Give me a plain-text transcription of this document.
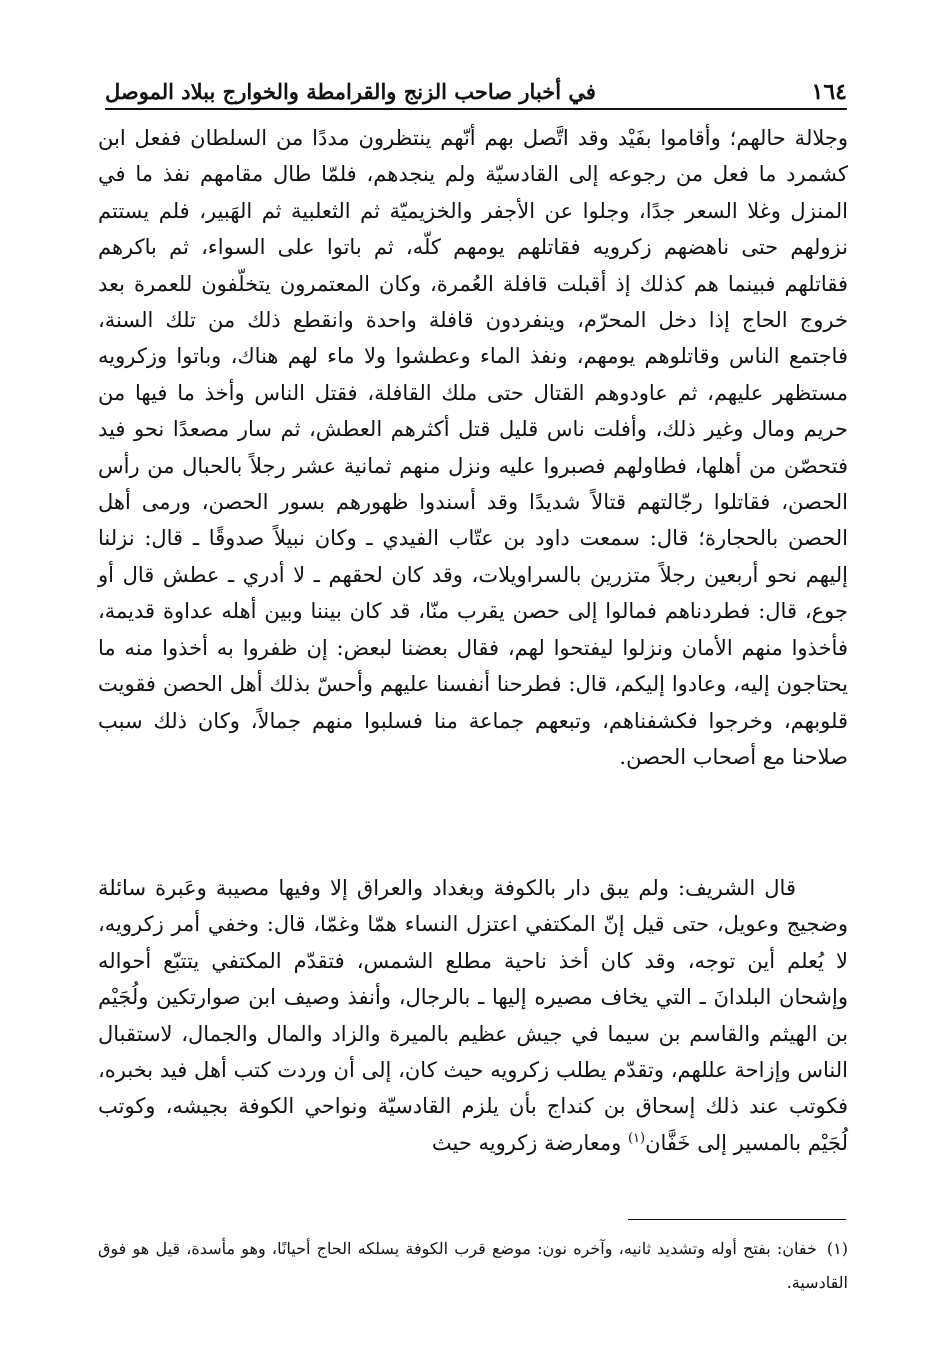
١٦٤
في أخبار صاحب الزنج والقرامطة والخوارج ببلاد الموصل

وجلالة حالهم؛ وأقاموا بفَيْد وقد اتَّصل بهم أنّهم ينتظرون مددًا من السلطان ففعل ابن كشمرد ما فعل من رجوعه إلى القادسيّة ولم ينجدهم، فلمّا طال مقامهم نفذ ما في المنزل وغلا السعر جدًا، وجلوا عن الأجفر والخزيميّة ثم الثعلبية ثم الهَبير، فلم يستتم نزولهم حتى ناهضهم زكرويه فقاتلهم يومهم كلّه، ثم باتوا على السواء، ثم باكرهم فقاتلهم فبينما هم كذلك إذ أقبلت قافلة العُمرة، وكان المعتمرون يتخلّفون للعمرة بعد خروج الحاج إذا دخل المحرّم، وينفردون قافلة واحدة وانقطع ذلك من تلك السنة، فاجتمع الناس وقاتلوهم يومهم، ونفذ الماء وعطشوا ولا ماء لهم هناك، وباتوا وزكرويه مستظهر عليهم، ثم عاودوهم القتال حتى ملك القافلة، فقتل الناس وأخذ ما فيها من حريم ومال وغير ذلك، وأفلت ناس قليل قتل أكثرهم العطش، ثم سار مصعدًا نحو فيد فتحصّن من أهلها، فطاولهم فصبروا عليه ونزل منهم ثمانية عشر رجلاً بالحبال من رأس الحصن، فقاتلوا رجّالتهم قتالاً شديدًا وقد أسندوا ظهورهم بسور الحصن، ورمى أهل الحصن بالحجارة؛ قال: سمعت داود بن عتّاب الفيدي ـ وكان نبيلاً صدوقًا ـ قال: نزلنا إليهم نحو أربعين رجلاً متزرين بالسراويلات، وقد كان لحقهم ـ لا أدري ـ عطش قال أو جوع، قال: فطردناهم فمالوا إلى حصن يقرب منّا، قد كان بيننا وبين أهله عداوة قديمة، فأخذوا منهم الأمان ونزلوا ليفتحوا لهم، فقال بعضنا لبعض: إن ظفروا به أخذوا منه ما يحتاجون إليه، وعادوا إليكم، قال: فطرحنا أنفسنا عليهم وأحسّ بذلك أهل الحصن فقويت قلوبهم، وخرجوا فكشفناهم، وتبعهم جماعة منا فسلبوا منهم جمالاً، وكان ذلك سبب صلاحنا مع أصحاب الحصن.

قال الشريف: ولم يبق دار بالكوفة وبغداد والعراق إلا وفيها مصيبة وعَبرة سائلة وضجيج وعويل، حتى قيل إنّ المكتفي اعتزل النساء همّا وغمّا، قال: وخفي أمر زكرويه، لا يُعلم أين توجه، وقد كان أخذ ناحية مطلع الشمس، فتقدّم المكتفي يتتبّع أحواله وإشحان البلدانَ ـ التي يخاف مصيره إليها ـ بالرجال، وأنفذ وصيف ابن صوارتكين ولُجَيْم بن الهيثم والقاسم بن سيما في جيش عظيم بالميرة والزاد والمال والجمال، لاستقبال الناس وإزاحة عللهم، وتقدّم يطلب زكرويه حيث كان، إلى أن وردت كتب أهل فيد بخبره، فكوتب عند ذلك إسحاق بن كنداج بأن يلزم القادسيّة ونواحي الكوفة بجيشه، وكوتب لُجَيْم بالمسير إلى خَفَّان$^{(١)}$ ومعارضة زكرويه حيث

(١)خفان: بفتح أوله وتشديد ثانيه، وآخره نون: موضع قرب الكوفة يسلكه الحاج أحيانًا، وهو مأسدة، قيل هو فوق القادسية.
